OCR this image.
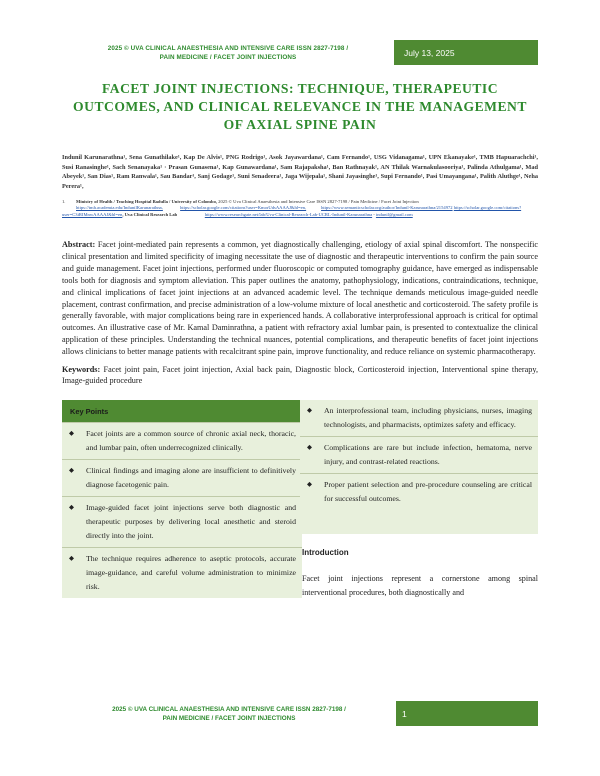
2025 © UVA CLINICAL ANAESTHESIA AND INTENSIVE CARE ISSN 2827-7198 /
PAIN MEDICINE / FACET JOINT INJECTIONS	July 13, 2025
FACET JOINT INJECTIONS: TECHNIQUE, THERAPEUTIC OUTCOMES, AND CLINICAL RELEVANCE IN THE MANAGEMENT OF AXIAL SPINE PAIN
Indunil Karunarathna¹, Sena Gunathilake¹, Kap De Alvis¹, PNG Rodrigo¹, Asok Jayawardana¹, Cam Fernando¹, USG Vidanagama¹, UPN Ekanayake¹, TMB Hapuarachchi¹, Susi Ranasinghe¹, Sach Senanayaka¹ · Prasan Gunasena¹, Kap Gunawardana¹, Sam Rajapaksha¹, Ban Rathnayak¹, AN Thilak Warnakulasooriya¹, Palinda Athulgama¹, Mad Abeyek¹, San Dias¹, Ram Ranwala¹, Sau Bandar¹, Sanj Godage¹, Suni Senadeera¹, Jaga Wijepala¹, Shani Jayasinghe¹, Supi Fernando¹, Pasi Umayangana¹, Palith Aluthge¹, Neha Perera¹,
1. Ministry of Health / Teaching Hospital Badulla / University of Colombo, 2025 © Uva Clinical Anaesthesia and Intensive Care ISSN 2827-7198 / Pain Medicine / Facet Joint Injection
https://tmh.academia.edu/IndunilKarunarathna,	https://scholar.google.com/citations?user=KmorUdsAAAAJ&hl=en,	https://www.semanticscholar.org/author/Indunil-Karunarathna/2154972 https://scholar.google.com/citations?user=C3iRIMnwAAAAJ&hl=en, Uva Clinical Research Lab	https://www.researchgate.net/lab/Uva-Clinical-Research-Lab-UCRL-Indunil-Karunarathna - indunil@gmail.com
Abstract: Facet joint-mediated pain represents a common, yet diagnostically challenging, etiology of axial spinal discomfort. The nonspecific clinical presentation and limited specificity of imaging necessitate the use of diagnostic and therapeutic interventions to confirm the pain source and guide management. Facet joint injections, performed under fluoroscopic or computed tomography guidance, have emerged as indispensable tools both for diagnosis and symptom alleviation. This paper outlines the anatomy, pathophysiology, indications, contraindications, technique, and clinical implications of facet joint injections at an advanced academic level. The technique demands meticulous image-guided needle placement, contrast confirmation, and precise administration of a low-volume mixture of local anesthetic and corticosteroid. The safety profile is generally favorable, with major complications being rare in experienced hands. A collaborative interprofessional approach is critical for optimal outcomes. An illustrative case of Mr. Kamal Daminrathna, a patient with refractory axial lumbar pain, is presented to contextualize the clinical application of these principles. Understanding the technical nuances, potential complications, and therapeutic benefits of facet joint injections allows clinicians to better manage patients with recalcitrant spine pain, improve functionality, and reduce reliance on systemic pharmacotherapy.
Keywords: Facet joint pain, Facet joint injection, Axial back pain, Diagnostic block, Corticosteroid injection, Interventional spine therapy, Image-guided procedure
Key Points
◆	Facet joints are a common source of chronic axial neck, thoracic, and lumbar pain, often underrecognized clinically.
◆	Clinical findings and imaging alone are insufficient to definitively diagnose facetogenic pain.
◆	Image-guided facet joint injections serve both diagnostic and therapeutic purposes by delivering local anesthetic and steroid directly into the joint.
◆	The technique requires adherence to aseptic protocols, accurate image-guidance, and careful volume administration to minimize risk.
◆	An interprofessional team, including physicians, nurses, imaging technologists, and pharmacists, optimizes safety and efficacy.
◆	Complications are rare but include infection, hematoma, nerve injury, and contrast-related reactions.
◆	Proper patient selection and pre-procedure counseling are critical for successful outcomes.
Introduction
Facet joint injections represent a cornerstone among spinal interventional procedures, both diagnostically and
2025 © UVA CLINICAL ANAESTHESIA AND INTENSIVE CARE ISSN 2827-7198 /
PAIN MEDICINE / FACET JOINT INJECTIONS	1
